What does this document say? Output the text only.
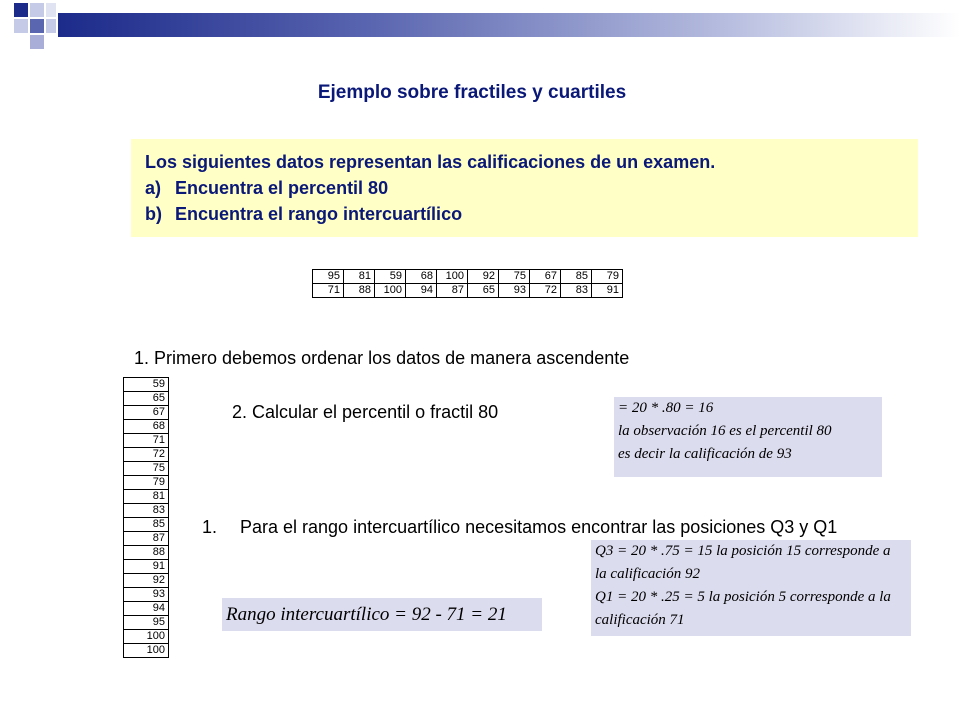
Ejemplo sobre fractiles y cuartiles
Los siguientes datos representan las calificaciones de un examen.
a) Encuentra el percentil 80
b) Encuentra el rango intercuartílico
95	81	59	68	100	92	75	67	85	79
71	88	100	94	87	65	93	72	83	91
1. Primero debemos ordenar los datos de manera ascendente
59
65
67
68
71
72
75
79
81
83
85
87
88
91
92
93
94
95
100
100
2. Calcular el percentil o fractil 80	= 20 * .80 = 16
la observación 16 es el percentil 80
es decir la calificación de 93
1. Para el rango intercuartílico necesitamos encontrar las posiciones Q3 y Q1
Q3 = 20 * .75 = 15 la posición 15 corresponde a
la calificación 92
Q1 = 20 * .25 = 5 la posición 5 corresponde a la
calificación 71
Rango intercuartílico = 92 - 71 = 21
